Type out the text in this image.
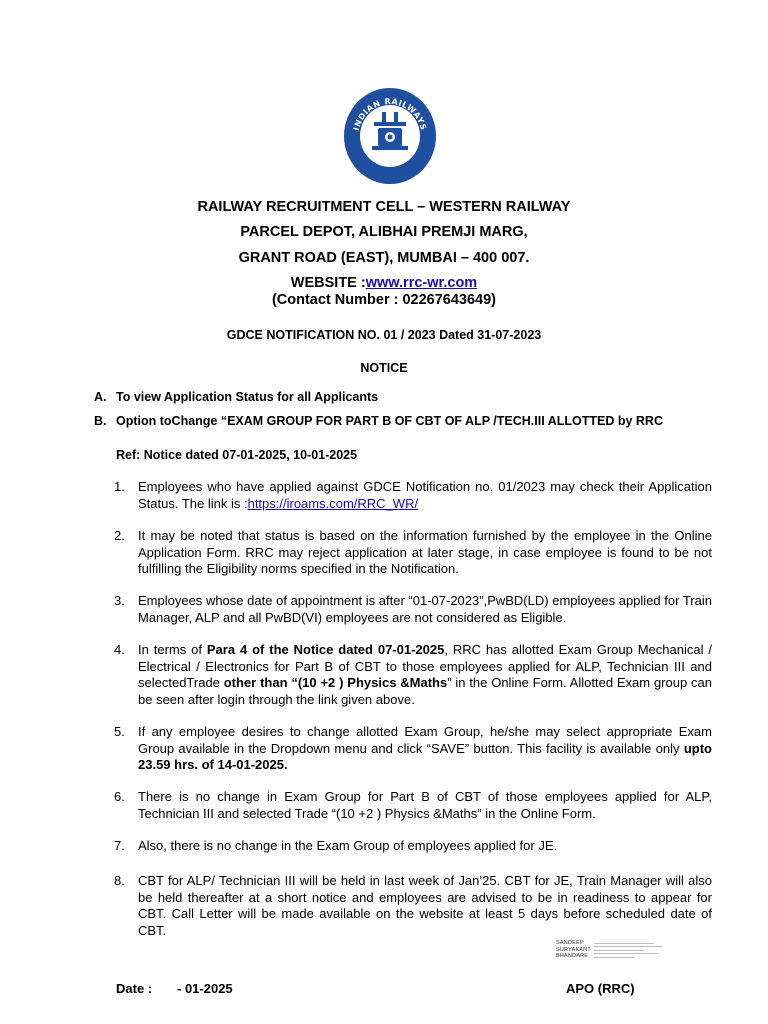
INDIAN RAILWAYS
RAILWAY RECRUITMENT CELL – WESTERN RAILWAY
PARCEL DEPOT, ALIBHAI PREMJI MARG,
GRANT ROAD (EAST), MUMBAI – 400 007.
WEBSITE :www.rrc-wr.com
(Contact Number : 02267643649)
GDCE NOTIFICATION NO. 01 / 2023 Dated 31-07-2023
NOTICE
A. To view Application Status for all Applicants
B. Option toChange “EXAM GROUP FOR PART B OF CBT OF ALP /TECH.III ALLOTTED by RRC
Ref: Notice dated 07-01-2025, 10-01-2025
1.	Employees who have applied against GDCE Notification no. 01/2023 may check their Application Status. The link is :https://iroams.com/RRC_WR/
2.	It may be noted that status is based on the information furnished by the employee in the Online Application Form. RRC may reject application at later stage, in case employee is found to be not fulfilling the Eligibility norms specified in the Notification.
3.	Employees whose date of appointment is after “01-07-2023”,PwBD(LD) employees applied for Train Manager, ALP and all PwBD(VI) employees are not considered as Eligible.
4.	In terms of Para 4 of the Notice dated 07-01-2025, RRC has allotted Exam Group Mechanical / Electrical / Electronics for Part B of CBT to those employees applied for ALP, Technician III and selectedTrade other than “(10 +2 ) Physics &Maths” in the Online Form. Allotted Exam group can be seen after login through the link given above.
5.	If any employee desires to change allotted Exam Group, he/she may select appropriate Exam Group available in the Dropdown menu and click “SAVE” button. This facility is available only upto 23.59 hrs. of 14-01-2025.
6.	There is no change in Exam Group for Part B of CBT of those employees applied for ALP, Technician III and selected Trade “(10 +2 ) Physics &Maths” in the Online Form.
7.	Also, there is no change in the Exam Group of employees applied for JE.
8.	CBT for ALP/ Technician III will be held in last week of Jan’25. CBT for JE, Train Manager will also be held thereafter at a short notice and employees are advised to be in readiness to appear for CBT. Call Letter will be made available on the website at least 5 days before scheduled date of CBT.
SANDEEP
SURYAKANT
BHANDARE
Date : - 01-2025	APO (RRC)
